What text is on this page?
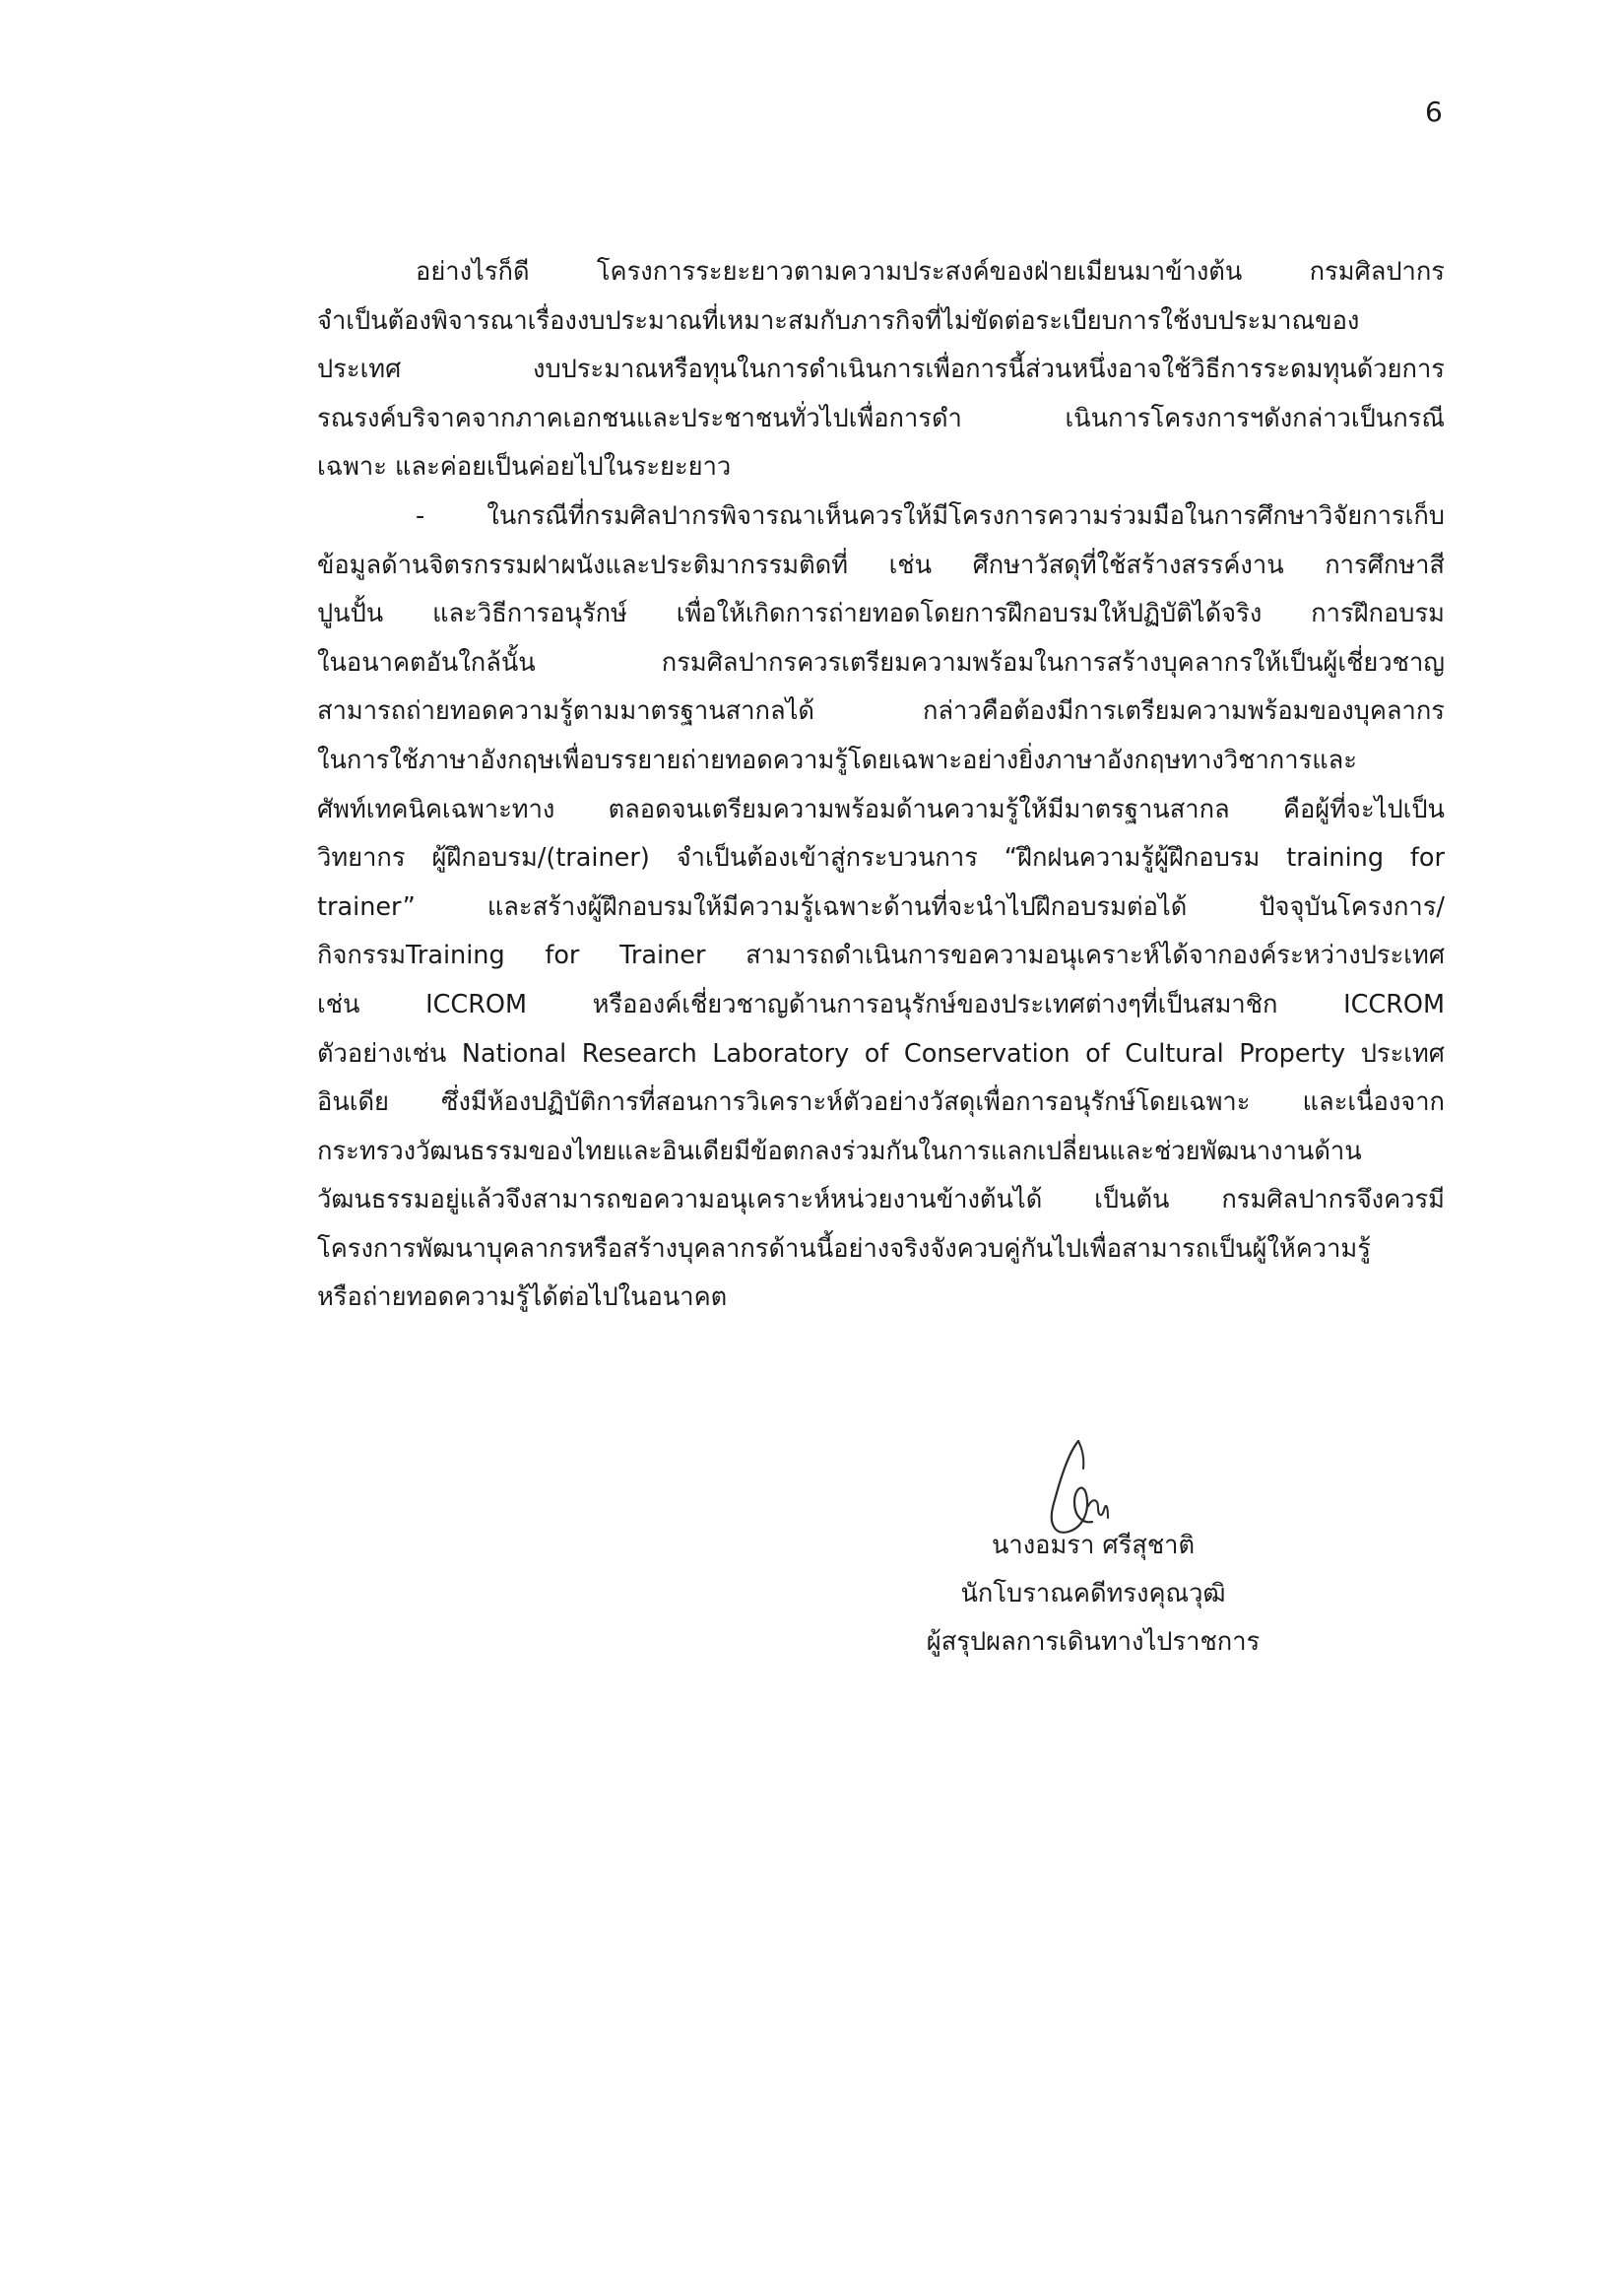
6
อย่างไรก็ดี โครงการระยะยาวตามความประสงค์ของฝ่ายเมียนมาข้างต้น กรมศิลปากร
จำเป็นต้องพิจารณาเรื่องงบประมาณที่เหมาะสมกับภารกิจที่ไม่ขัดต่อระเบียบการใช้งบประมาณของ
ประเทศ งบประมาณหรือทุนในการดำเนินการเพื่อการนี้ส่วนหนึ่งอาจใช้วิธีการระดมทุนด้วยการ
รณรงค์บริจาคจากภาคเอกชนและประชาชนทั่วไปเพื่อการดำ เนินการโครงการฯดังกล่าวเป็นกรณี
เฉพาะ และค่อยเป็นค่อยไปในระยะยาว
- ในกรณีที่กรมศิลปากรพิจารณาเห็นควรให้มีโครงการความร่วมมือในการศึกษาวิจัยการเก็บ
ข้อมูลด้านจิตรกรรมฝาผนังและประติมากรรมติดที่ เช่น ศึกษาวัสดุที่ใช้สร้างสรรค์งาน การศึกษาสี
ปูนปั้น และวิธีการอนุรักษ์ เพื่อให้เกิดการถ่ายทอดโดยการฝึกอบรมให้ปฏิบัติได้จริง การฝึกอบรม
ในอนาคตอันใกล้นั้น กรมศิลปากรควรเตรียมความพร้อมในการสร้างบุคลากรให้เป็นผู้เชี่ยวชาญ
สามารถถ่ายทอดความรู้ตามมาตรฐานสากลได้ กล่าวคือต้องมีการเตรียมความพร้อมของบุคลากร
ในการใช้ภาษาอังกฤษเพื่อบรรยายถ่ายทอดความรู้โดยเฉพาะอย่างยิ่งภาษาอังกฤษทางวิชาการและ
ศัพท์เทคนิคเฉพาะทาง ตลอดจนเตรียมความพร้อมด้านความรู้ให้มีมาตรฐานสากล คือผู้ที่จะไปเป็น
วิทยากร ผู้ฝึกอบรม/(trainer) จำเป็นต้องเข้าสู่กระบวนการ “ฝึกฝนความรู้ผู้ฝึกอบรม training for
trainer” และสร้างผู้ฝึกอบรมให้มีความรู้เฉพาะด้านที่จะนำไปฝึกอบรมต่อได้ ปัจจุบันโครงการ/
กิจกรรมTraining for Trainer สามารถดำเนินการขอความอนุเคราะห์ได้จากองค์ระหว่างประเทศ
เช่น ICCROM หรือองค์เชี่ยวชาญด้านการอนุรักษ์ของประเทศต่างๆที่เป็นสมาชิก ICCROM
ตัวอย่างเช่น National Research Laboratory of Conservation of Cultural Property ประเทศ
อินเดีย ซึ่งมีห้องปฏิบัติการที่สอนการวิเคราะห์ตัวอย่างวัสดุเพื่อการอนุรักษ์โดยเฉพาะ และเนื่องจาก
กระทรวงวัฒนธรรมของไทยและอินเดียมีข้อตกลงร่วมกันในการแลกเปลี่ยนและช่วยพัฒนางานด้าน
วัฒนธรรมอยู่แล้วจึงสามารถขอความอนุเคราะห์หน่วยงานข้างต้นได้ เป็นต้น กรมศิลปากรจึงควรมี
โครงการพัฒนาบุคลากรหรือสร้างบุคลากรด้านนี้อย่างจริงจังควบคู่กันไปเพื่อสามารถเป็นผู้ให้ความรู้
หรือถ่ายทอดความรู้ได้ต่อไปในอนาคต
นางอมรา ศรีสุชาติ
นักโบราณคดีทรงคุณวุฒิ
ผู้สรุปผลการเดินทางไปราชการ
